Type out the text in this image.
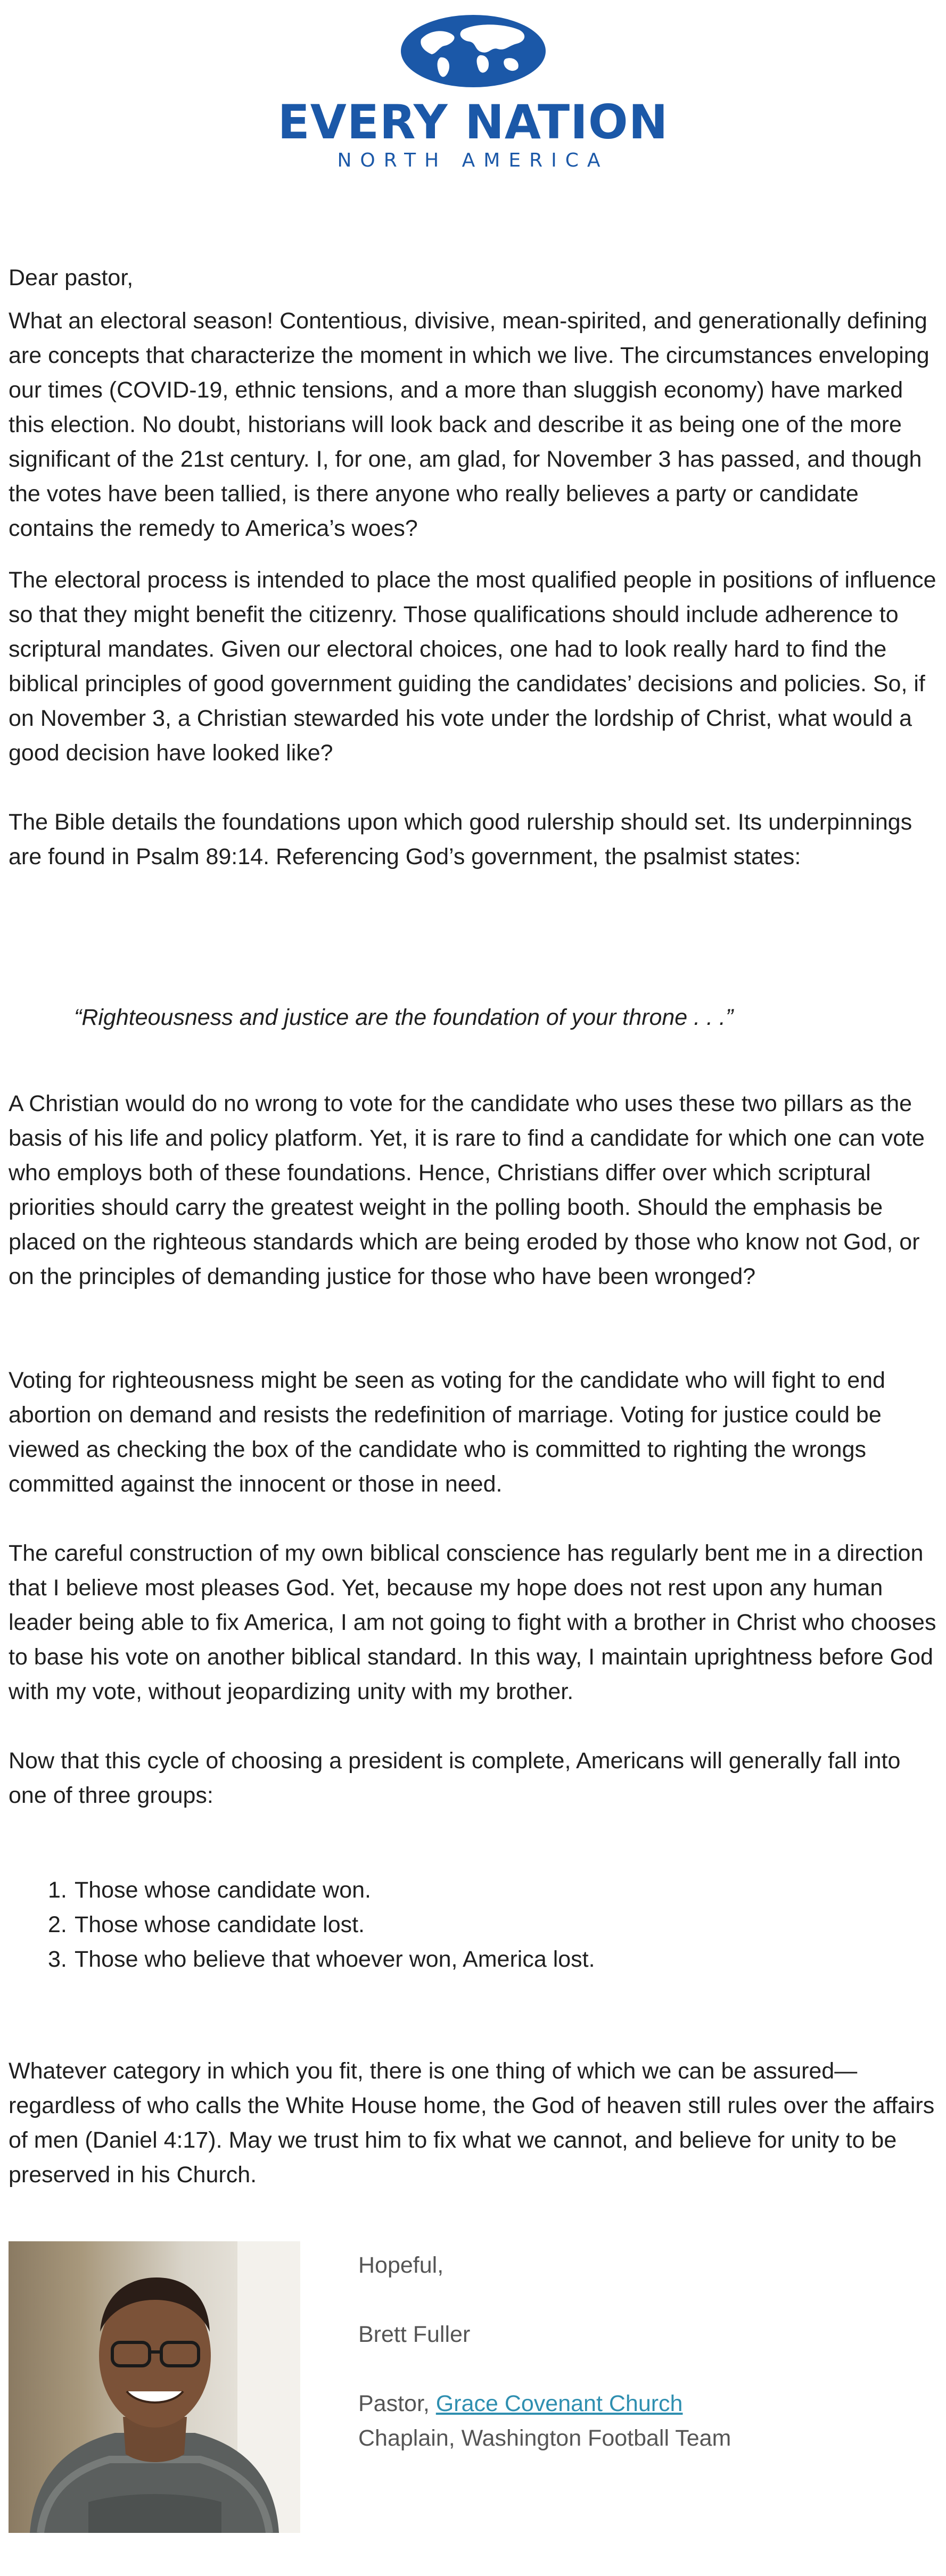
EVERY NATION
NORTH AMERICA

Dear pastor,

What an electoral season! Contentious, divisive, mean-spirited, and generationally defining are concepts that characterize the moment in which we live. The circumstances enveloping our times (COVID-19, ethnic tensions, and a more than sluggish economy) have marked this election. No doubt, historians will look back and describe it as being one of the more significant of the 21st century. I, for one, am glad, for November 3 has passed, and though the votes have been tallied, is there anyone who really believes a party or candidate contains the remedy to America’s woes?

The electoral process is intended to place the most qualified people in positions of influence so that they might benefit the citizenry. Those qualifications should include adherence to scriptural mandates. Given our electoral choices, one had to look really hard to find the biblical principles of good government guiding the candidates’ decisions and policies. So, if on November 3, a Christian stewarded his vote under the lordship of Christ, what would a good decision have looked like?

The Bible details the foundations upon which good rulership should set. Its underpinnings are found in Psalm 89:14. Referencing God’s government, the psalmist states:

“Righteousness and justice are the foundation of your throne . . .”
A Christian would do no wrong to vote for the candidate who uses these two pillars as the basis of his life and policy platform. Yet, it is rare to find a candidate for which one can vote who employs both of these foundations. Hence, Christians differ over which scriptural priorities should carry the greatest weight in the polling booth. Should the emphasis be placed on the righteous standards which are being eroded by those who know not God, or on the principles of demanding justice for those who have been wronged?
Voting for righteousness might be seen as voting for the candidate who will fight to end abortion on demand and resists the redefinition of marriage. Voting for justice could be viewed as checking the box of the candidate who is committed to righting the wrongs committed against the innocent or those in need.
The careful construction of my own biblical conscience has regularly bent me in a direction that I believe most pleases God. Yet, because my hope does not rest upon any human leader being able to fix America, I am not going to fight with a brother in Christ who chooses to base his vote on another biblical standard. In this way, I maintain uprightness before God with my vote, without jeopardizing unity with my brother.
Now that this cycle of choosing a president is complete, Americans will generally fall into one of three groups:
1. Those whose candidate won.
2. Those whose candidate lost.
3. Those who believe that whoever won, America lost.
Whatever category in which you fit, there is one thing of which we can be assured—regardless of who calls the White House home, the God of heaven still rules over the affairs of men (Daniel 4:17). May we trust him to fix what we cannot, and believe for unity to be preserved in his Church.
Hopeful,
Brett Fuller
Pastor, Grace Covenant Church
Chaplain, Washington Football Team
